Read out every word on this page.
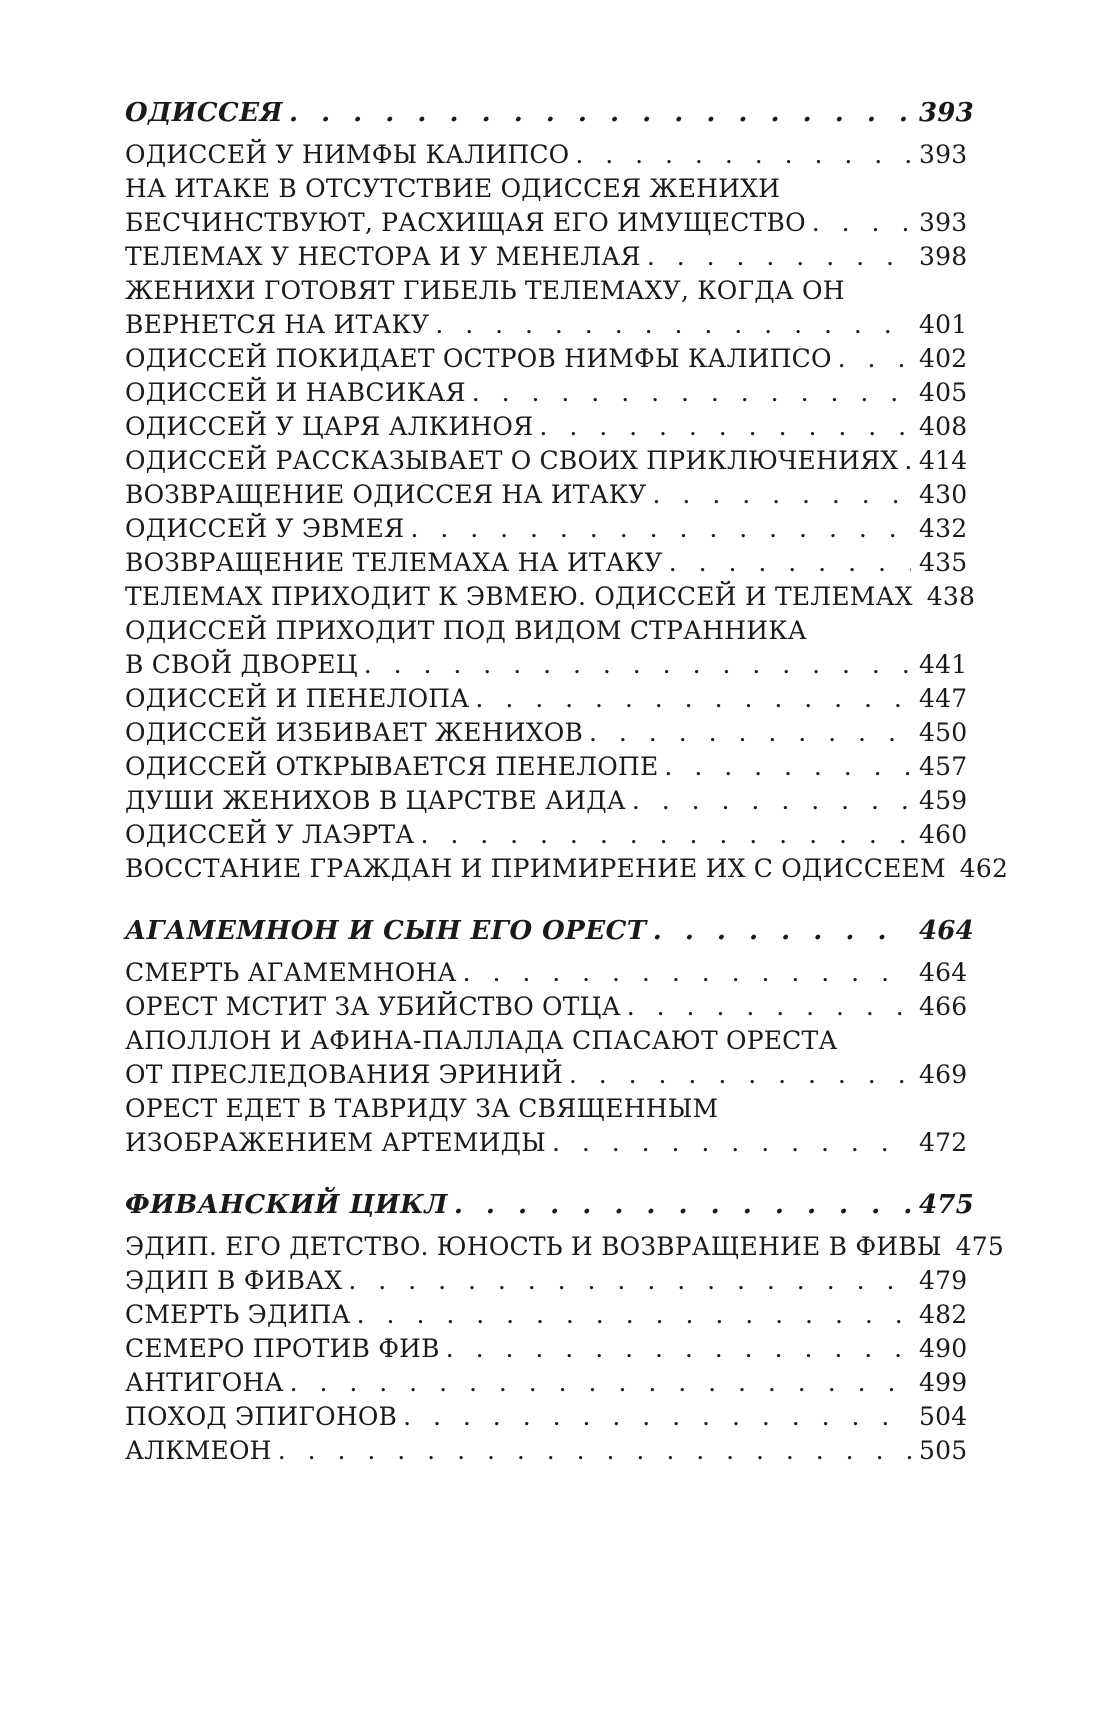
ОДИССЕЯ . . .	393
ОДИССЕЙ У НИМФЫ КАЛИПСО . . .	393
НА ИТАКЕ В ОТСУТСТВИЕ ОДИССЕЯ ЖЕНИХИ
БЕСЧИНСТВУЮТ, РАСХИЩАЯ ЕГО ИМУЩЕСТВО . . .	393
ТЕЛЕМАХ У НЕСТОРА И У МЕНЕЛАЯ . . .	398
ЖЕНИХИ ГОТОВЯТ ГИБЕЛЬ ТЕЛЕМАХУ, КОГДА ОН
ВЕРНЕТСЯ НА ИТАКУ . . .	401
ОДИССЕЙ ПОКИДАЕТ ОСТРОВ НИМФЫ КАЛИПСО . . .	402
ОДИССЕЙ И НАВСИКАЯ . . .	405
ОДИССЕЙ У ЦАРЯ АЛКИНОЯ . . .	408
ОДИССЕЙ РАССКАЗЫВАЕТ О СВОИХ ПРИКЛЮЧЕНИЯХ . . . 414
ВОЗВРАЩЕНИЕ ОДИССЕЯ НА ИТАКУ . . .	430
ОДИССЕЙ У ЭВМЕЯ . . .	432
ВОЗВРАЩЕНИЕ ТЕЛЕМАХА НА ИТАКУ . . .	435
ТЕЛЕМАХ ПРИХОДИТ К ЭВМЕЮ. ОДИССЕЙ И ТЕЛЕМАХ 438
ОДИССЕЙ ПРИХОДИТ ПОД ВИДОМ СТРАННИКА
В СВОЙ ДВОРЕЦ . . .	441
ОДИССЕЙ И ПЕНЕЛОПА . . .	447
ОДИССЕЙ ИЗБИВАЕТ ЖЕНИХОВ . . .	450
ОДИССЕЙ ОТКРЫВАЕТСЯ ПЕНЕЛОПЕ . . .	457
ДУШИ ЖЕНИХОВ В ЦАРСТВЕ АИДА . . .	459
ОДИССЕЙ У ЛАЭРТА . . .	460
ВОССТАНИЕ ГРАЖДАН И ПРИМИРЕНИЕ ИХ С ОДИССЕЕМ 462
АГАМЕМНОН И СЫН ЕГО ОРЕСТ . . .	464
СМЕРТЬ АГАМЕМНОНА . . .	464
ОРЕСТ МСТИТ ЗА УБИЙСТВО ОТЦА . . .	466
АПОЛЛОН И АФИНА-ПАЛЛАДА СПАСАЮТ ОРЕСТА
ОТ ПРЕСЛЕДОВАНИЯ ЭРИНИЙ . . .	469
ОРЕСТ ЕДЕТ В ТАВРИДУ ЗА СВЯЩЕННЫМ
ИЗОБРАЖЕНИЕМ АРТЕМИДЫ . . .	472
ФИВАНСКИЙ ЦИКЛ . . .	475
ЭДИП. ЕГО ДЕТСТВО. ЮНОСТЬ И ВОЗВРАЩЕНИЕ В ФИВЫ 475
ЭДИП В ФИВАХ . . .	479
СМЕРТЬ ЭДИПА . . .	482
СЕМЕРО ПРОТИВ ФИВ . . .	490
АНТИГОНА . . .	499
ПОХОД ЭПИГОНОВ . . .	504
АЛКМЕОН . . .	505
